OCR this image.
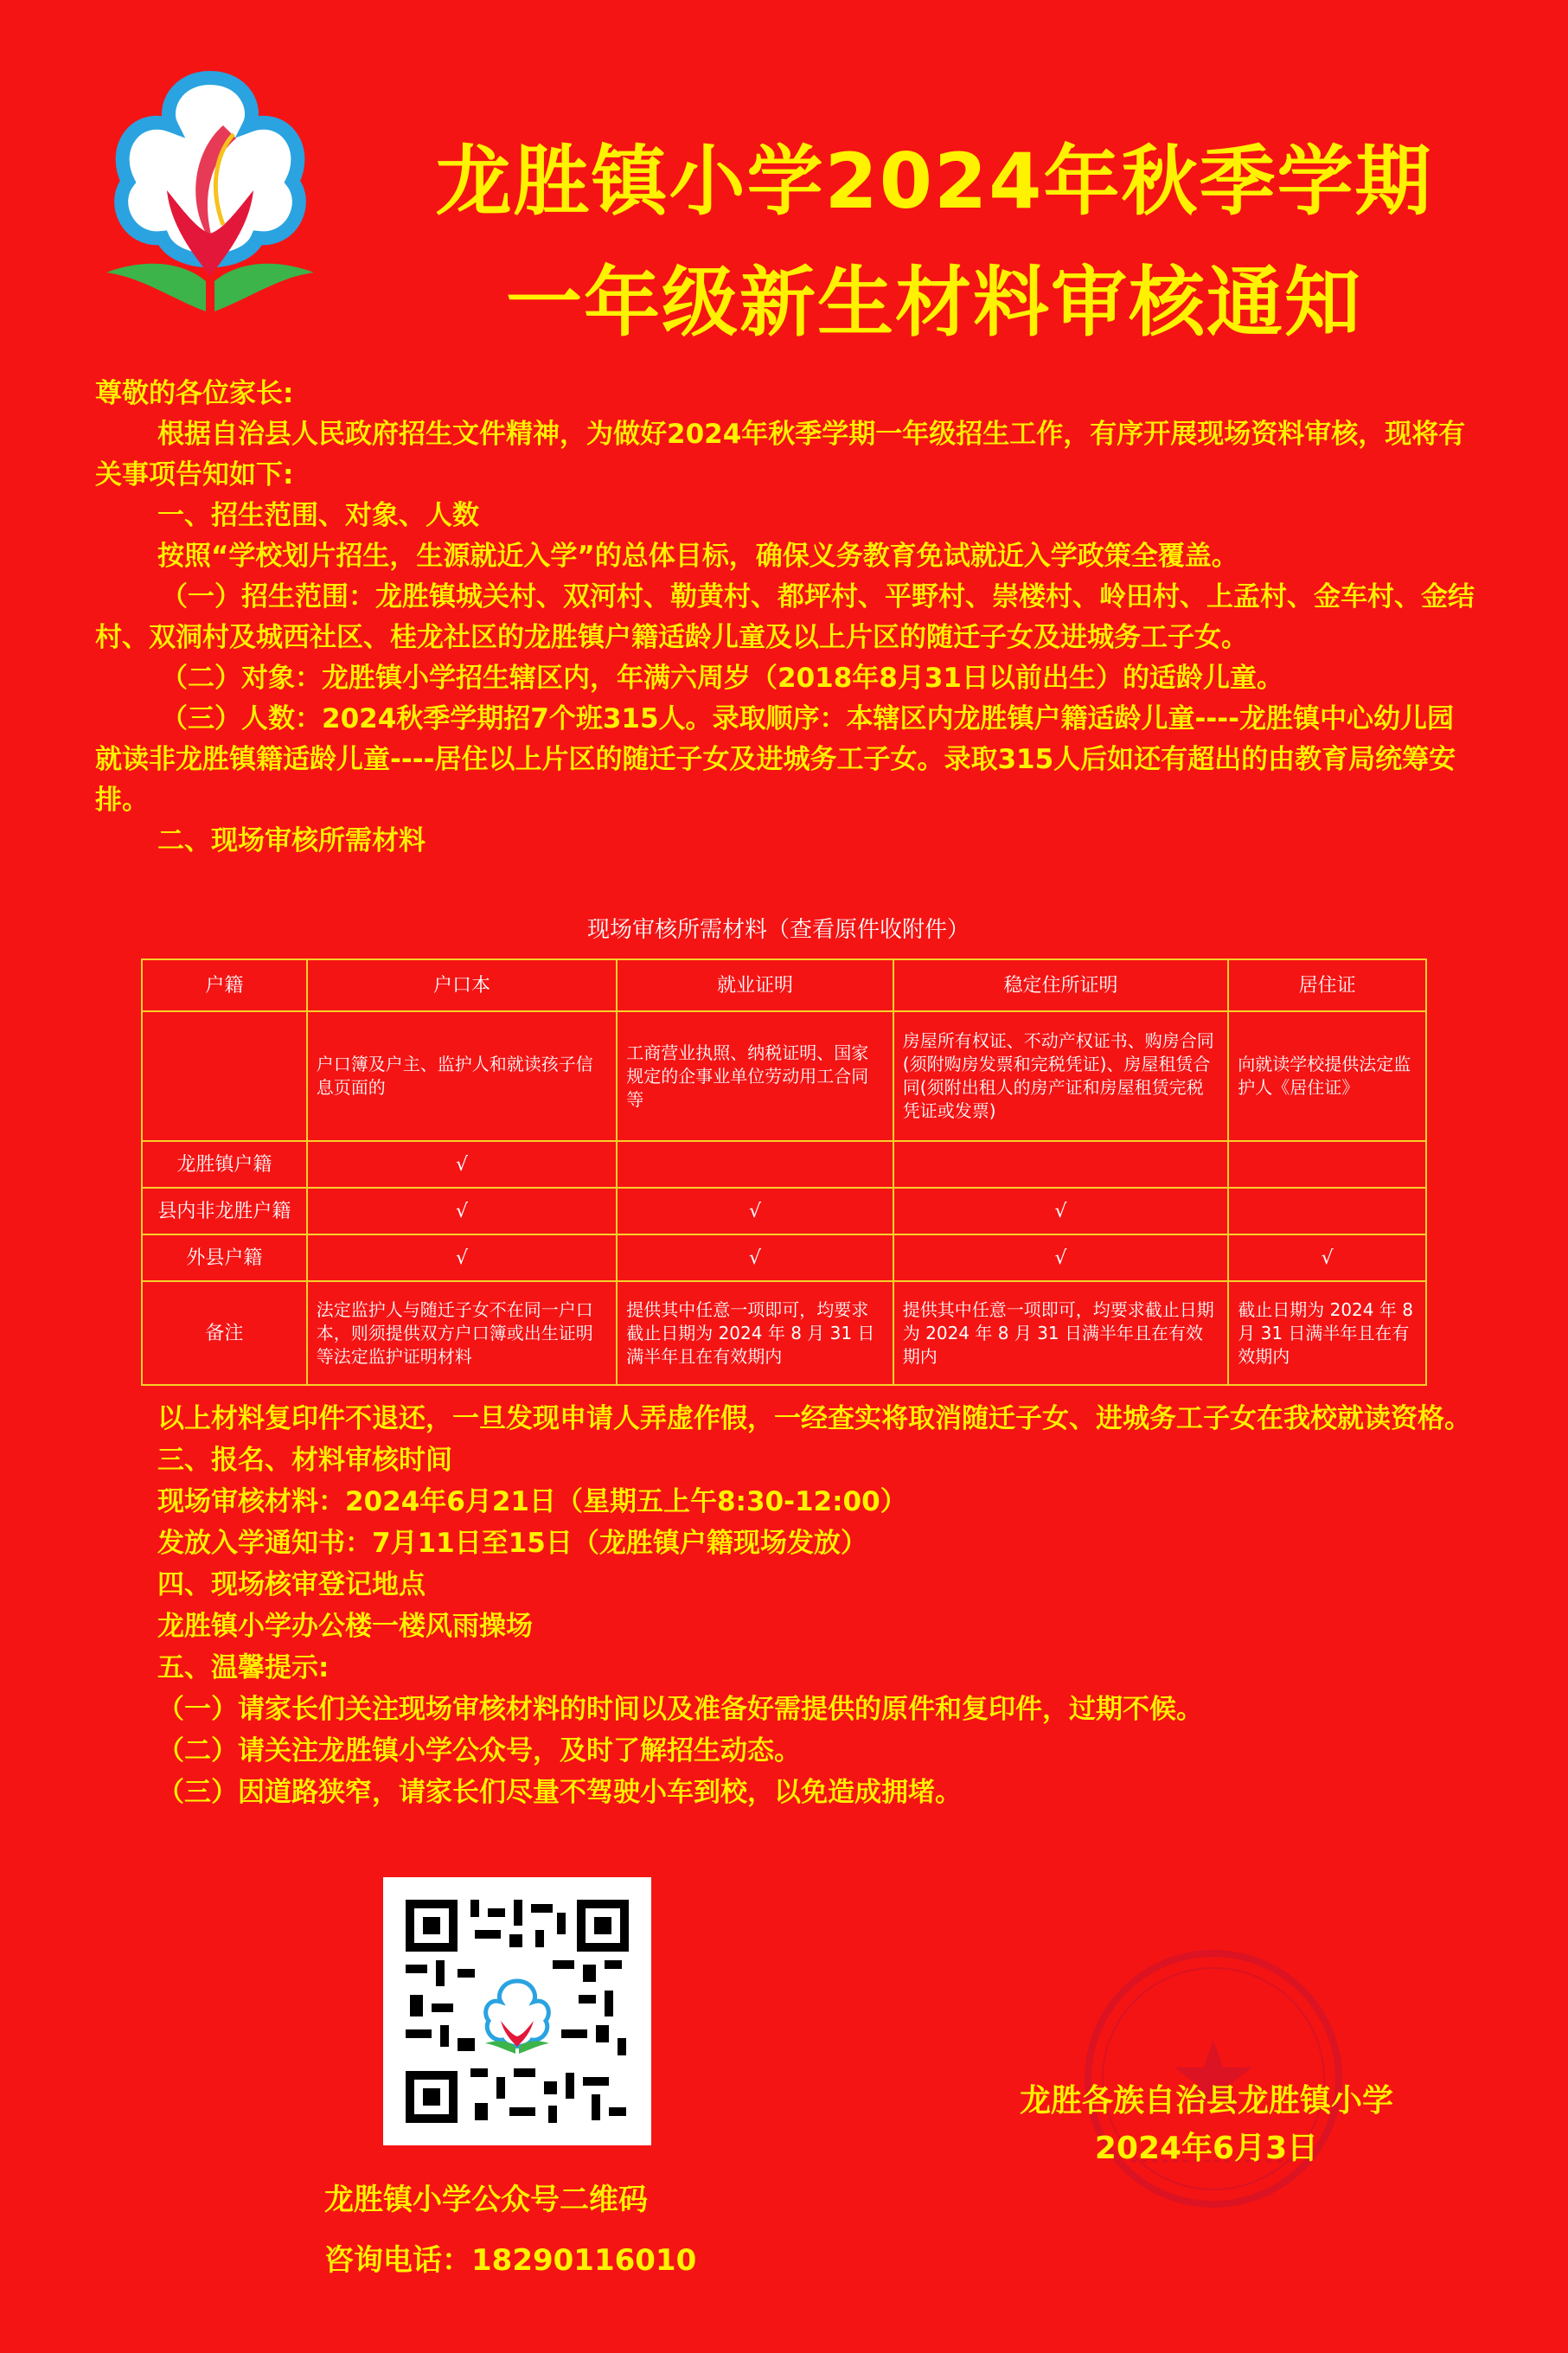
龙胜镇小学2024年秋季学期
一年级新生材料审核通知

尊敬的各位家长:

根据自治县人民政府招生文件精神，为做好2024年秋季学期一年级招生工作，有序开展现场资料审核，现将有关事项告知如下:

一、招生范围、对象、人数

按照“学校划片招生，生源就近入学”的总体目标，确保义务教育免试就近入学政策全覆盖。

（一）招生范围：龙胜镇城关村、双河村、勒黄村、都坪村、平野村、崇楼村、岭田村、上孟村、金车村、金结村、双洞村及城西社区、桂龙社区的龙胜镇户籍适龄儿童及以上片区的随迁子女及进城务工子女。

（二）对象：龙胜镇小学招生辖区内，年满六周岁（2018年8月31日以前出生）的适龄儿童。

（三）人数：2024秋季学期招7个班315人。录取顺序：本辖区内龙胜镇户籍适龄儿童----龙胜镇中心幼儿园就读非龙胜镇籍适龄儿童----居住以上片区的随迁子女及进城务工子女。录取315人后如还有超出的由教育局统筹安排。

二、现场审核所需材料

现场审核所需材料（查看原件收附件）
户籍	户口本	就业证明	稳定住所证明	居住证
	户口簿及户主、监护人和就读孩子信息页面的	工商营业执照、纳税证明、国家规定的企事业单位劳动用工合同等	房屋所有权证、不动产权证书、购房合同(须附购房发票和完税凭证)、房屋租赁合同(须附出租人的房产证和房屋租赁完税凭证或发票)	向就读学校提供法定监护人《居住证》
龙胜镇户籍	√			
县内非龙胜户籍	√	√	√	
外县户籍	√	√	√	√
备注	法定监护人与随迁子女不在同一户口本，则须提供双方户口簿或出生证明等法定监护证明材料	提供其中任意一项即可，均要求截止日期为 2024 年 8 月 31 日满半年且在有效期内	提供其中任意一项即可，均要求截止日期为 2024 年 8 月 31 日满半年且在有效期内	截止日期为 2024 年 8 月 31 日满半年且在有效期内

以上材料复印件不退还，一旦发现申请人弄虚作假，一经查实将取消随迁子女、进城务工子女在我校就读资格。

三、报名、材料审核时间

现场审核材料：2024年6月21日（星期五上午8:30-12:00）

发放入学通知书：7月11日至15日（龙胜镇户籍现场发放）

四、现场核审登记地点

龙胜镇小学办公楼一楼风雨操场

五、温馨提示:

（一）请家长们关注现场审核材料的时间以及准备好需提供的原件和复印件，过期不候。

（二）请关注龙胜镇小学公众号，及时了解招生动态。

（三）因道路狭窄，请家长们尽量不驾驶小车到校，以免造成拥堵。

龙胜镇小学公众号二维码
咨询电话：18290116010
龙胜各族自治县龙胜镇小学
2024年6月3日
